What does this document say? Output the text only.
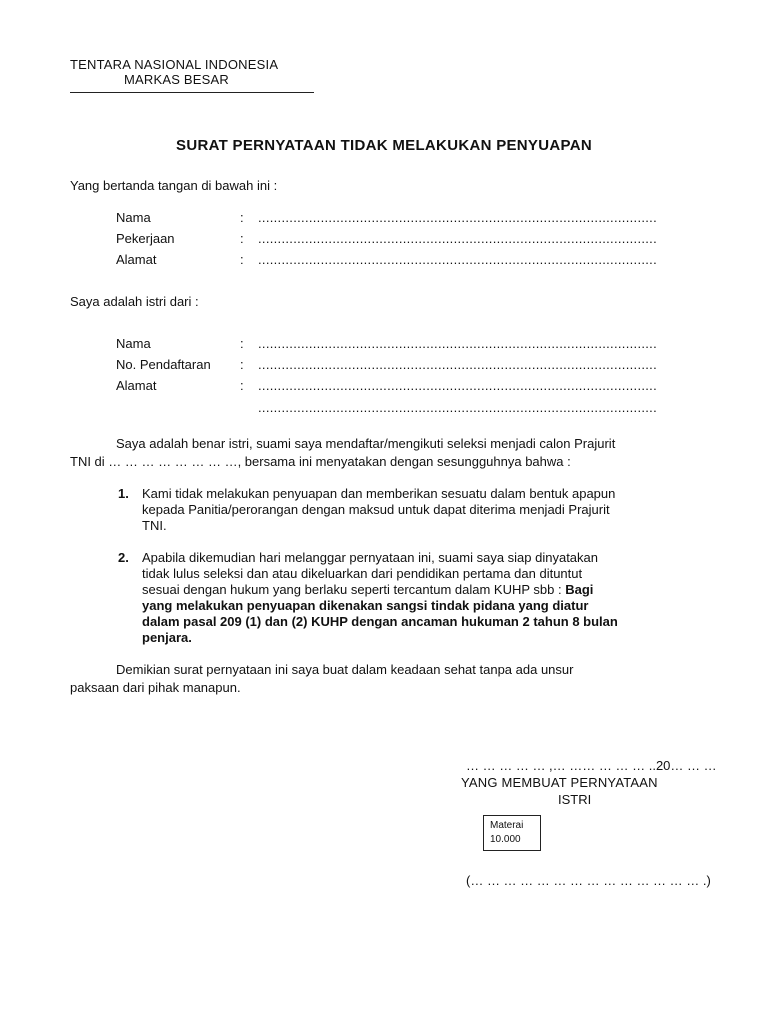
TENTARA NASIONAL INDONESIA
MARKAS BESAR
SURAT PERNYATAAN TIDAK MELAKUKAN PENYUAPAN
Yang bertanda tangan di bawah ini :
Nama	: ......................................................................................................
Pekerjaan	: ......................................................................................................
Alamat	: ......................................................................................................
Saya adalah istri dari :
Nama	: ......................................................................................................
No. Pendaftaran : ......................................................................................................
Alamat	: ......................................................................................................
......................................................................................................
Saya adalah benar istri, suami saya mendaftar/mengikuti seleksi menjadi calon Prajurit
TNI di … … … … … … … …, bersama ini menyatakan dengan sesungguhnya bahwa :
1. Kami tidak melakukan penyuapan dan memberikan sesuatu dalam bentuk apapun
kepada Panitia/perorangan dengan maksud untuk dapat diterima menjadi Prajurit
TNI.
2. Apabila dikemudian hari melanggar pernyataan ini, suami saya siap dinyatakan
tidak lulus seleksi dan atau dikeluarkan dari pendidikan pertama dan dituntut
sesuai dengan hukum yang berlaku seperti tercantum dalam KUHP sbb : Bagi
yang melakukan penyuapan dikenakan sangsi tindak pidana yang diatur
dalam pasal 209 (1) dan (2) KUHP dengan ancaman hukuman 2 tahun 8 bulan
penjara.
Demikian surat pernyataan ini saya buat dalam keadaan sehat tanpa ada unsur
paksaan dari pihak manapun.
… … … … … ,… …… … … … ..20… … …
YANG MEMBUAT PERNYATAAN
ISTRI
Materai
10.000
(… … … … … … … … … … … … … … .)
